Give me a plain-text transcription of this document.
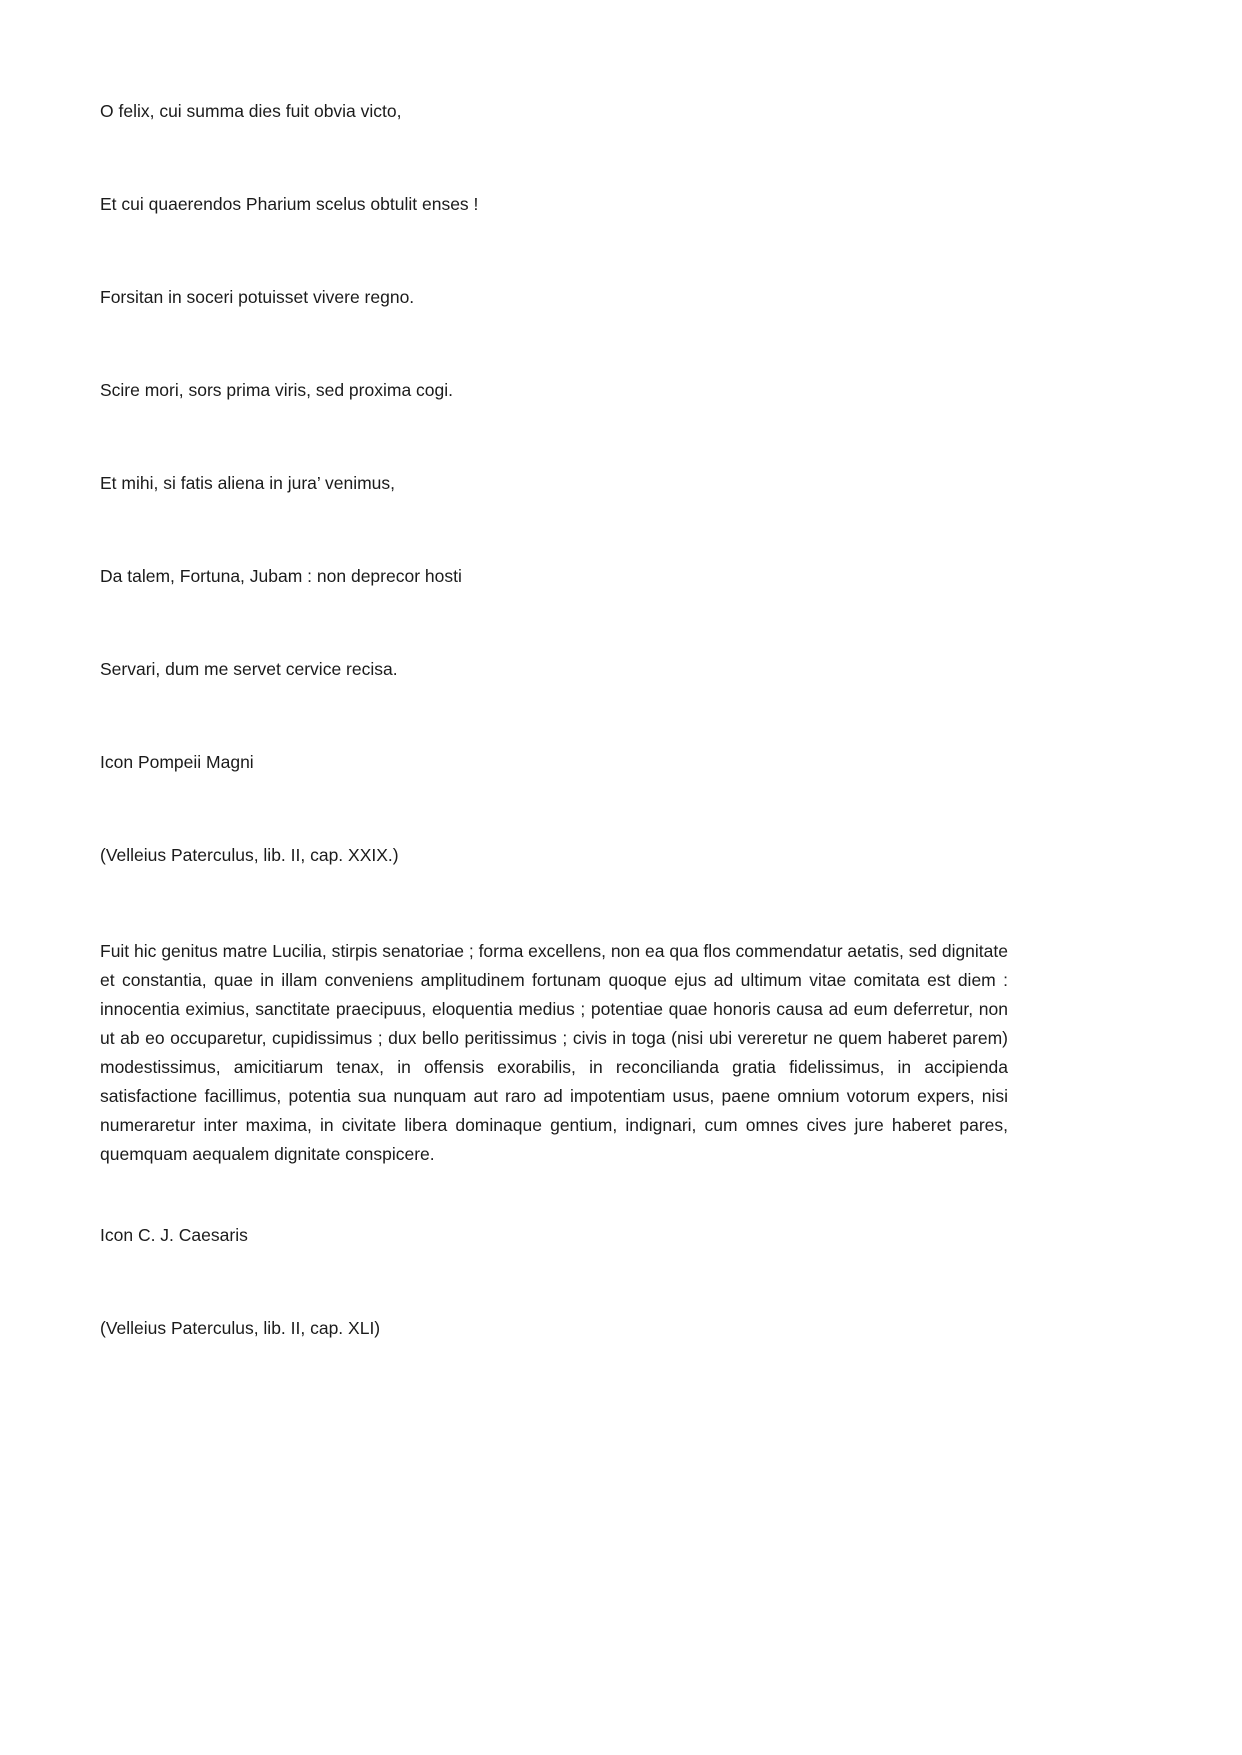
O felix, cui summa dies fuit obvia victo,

Et cui quaerendos Pharium scelus obtulit enses !

Forsitan in soceri potuisset vivere regno.

Scire mori, sors prima viris, sed proxima cogi.

Et mihi, si fatis aliena in jura’ venimus,

Da talem, Fortuna, Jubam : non deprecor hosti

Servari, dum me servet cervice recisa.

Icon Pompeii Magni

(Velleius Paterculus, lib. II, cap. XXIX.)

Fuit hic genitus matre Lucilia, stirpis senatoriae ; forma excellens, non ea qua flos commendatur aetatis, sed dignitate et constantia, quae in illam conveniens amplitudinem fortunam quoque ejus ad ultimum vitae comitata est diem : innocentia eximius, sanctitate praecipuus, eloquentia medius ; potentiae quae honoris causa ad eum deferretur, non ut ab eo occuparetur, cupidissimus ; dux bello peritissimus ; civis in toga (nisi ubi vereretur ne quem haberet parem) modestissimus, amicitiarum tenax, in offensis exorabilis, in reconcilianda gratia fidelissimus, in accipienda satisfactione facillimus, potentia sua nunquam aut raro ad impotentiam usus, paene omnium votorum expers, nisi numeraretur inter maxima, in civitate libera dominaque gentium, indignari, cum omnes cives jure haberet pares, quemquam aequalem dignitate conspicere.

Icon C. J. Caesaris

(Velleius Paterculus, lib. II, cap. XLI)
